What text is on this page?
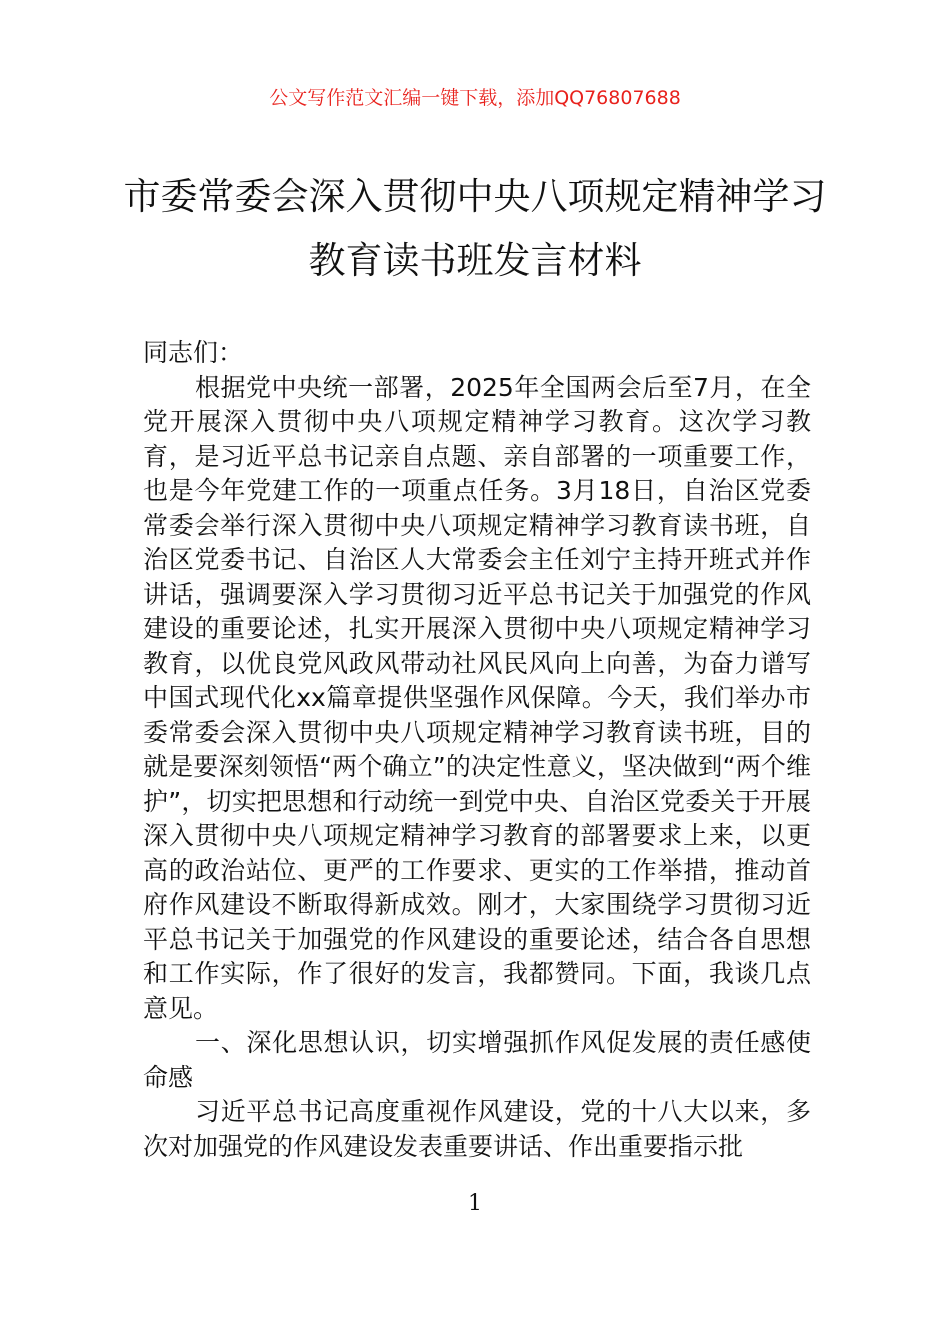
公文写作范文汇编一键下载，添加QQ76807688
市委常委会深入贯彻中央八项规定精神学习教育读书班发言材料

同志们：

根据党中央统一部署，2025年全国两会后至7月，在全党开展深入贯彻中央八项规定精神学习教育。这次学习教育，是习近平总书记亲自点题、亲自部署的一项重要工作，也是今年党建工作的一项重点任务。3月18日，自治区党委常委会举行深入贯彻中央八项规定精神学习教育读书班，自治区党委书记、自治区人大常委会主任刘宁主持开班式并作讲话，强调要深入学习贯彻习近平总书记关于加强党的作风建设的重要论述，扎实开展深入贯彻中央八项规定精神学习教育，以优良党风政风带动社风民风向上向善，为奋力谱写中国式现代化xx篇章提供坚强作风保障。今天，我们举办市委常委会深入贯彻中央八项规定精神学习教育读书班，目的就是要深刻领悟“两个确立”的决定性意义，坚决做到“两个维护”，切实把思想和行动统一到党中央、自治区党委关于开展深入贯彻中央八项规定精神学习教育的部署要求上来，以更高的政治站位、更严的工作要求、更实的工作举措，推动首府作风建设不断取得新成效。刚才，大家围绕学习贯彻习近平总书记关于加强党的作风建设的重要论述，结合各自思想和工作实际，作了很好的发言，我都赞同。下面，我谈几点意见。

一、深化思想认识，切实增强抓作风促发展的责任感使命感

习近平总书记高度重视作风建设，党的十八大以来，多次对加强党的作风建设发表重要讲话、作出重要指示批

1
